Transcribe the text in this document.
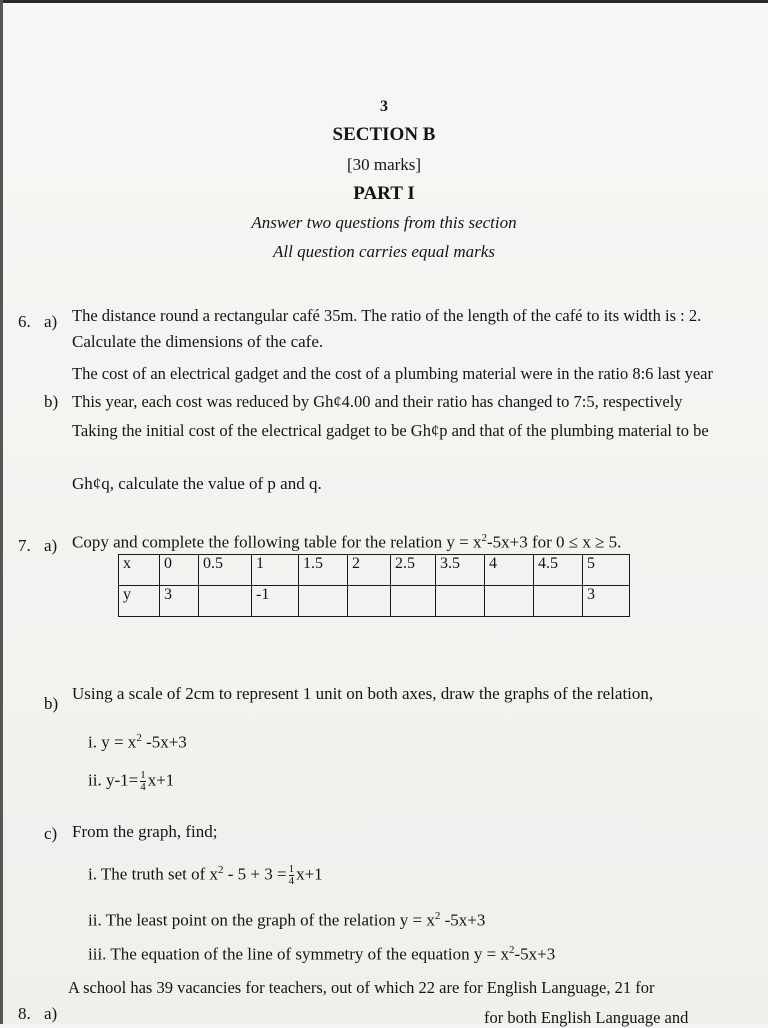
3
SECTION B
[30 marks]
PART I
Answer two questions from this section
All question carries equal marks
6. a) The distance round a rectangular café 35m. The ratio of the length of the café to its width is : 2.
Calculate the dimensions of the cafe.
b)
The cost of an electrical gadget and the cost of a plumbing material were in the ratio 8:6 last year
This year, each cost was reduced by Gh¢4.00 and their ratio has changed to 7:5, respectively
Taking the initial cost of the electrical gadget to be Gh¢p and that of the plumbing material to be
Gh¢q, calculate the value of p and q.
7. a) Copy and complete the following table for the relation $y = x^2-5x+3$ for 0 ≤ x ≥ 5.
x	0	0.5	1	1.5	2	2.5	3.5	4	4.5	5
y	3		-1							3
b)
Using a scale of 2cm to represent 1 unit on both axes, draw the graphs of the relation,
i. $y = x^2$ -5x+3
ii. $y-1= \frac{1}{4} x+1$
c) From the graph, find;
i. The truth set of $x^2 - 5 + 3 = \frac{1}{4} x+1$
ii. The least point on the graph of the relation $y = x^2$ -5x+3
iii. The equation of the line of symmetry of the equation $y = x^2-5x+3$
8. a)
A school has 39 vacancies for teachers, out of which 22 are for English Language, 21 for
for both English Language and
